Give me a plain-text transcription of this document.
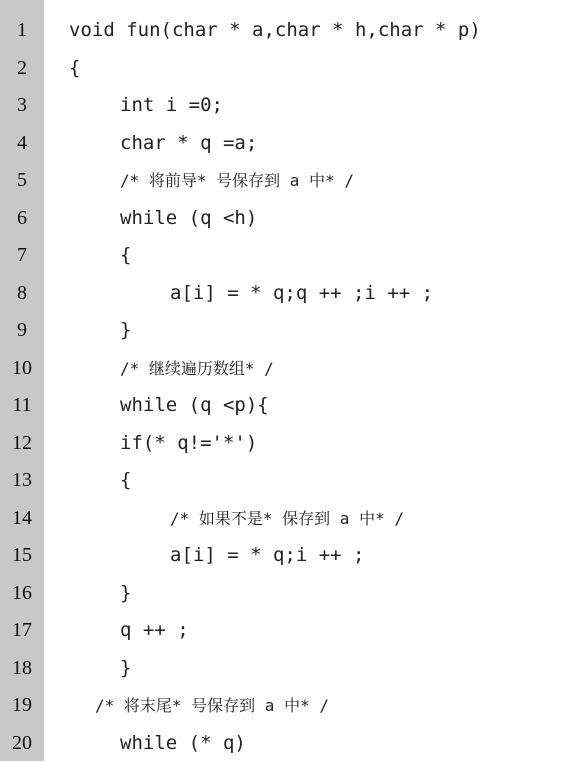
1	void fun(char * a,char * h,char * p)
2	{
3	int i =0;
4	char * q =a;
5	/* 将前导* 号保存到 a 中* /
6	while (q <h)
7	{
8	a[i] = * q;q ++ ;i ++ ;
9	}
10	/* 继续遍历数组* /
11	while (q <p){
12	if(* q!='*')
13	{
14	/* 如果不是* 保存到 a 中* /
15	a[i] = * q;i ++ ;
16	}
17	q ++ ;
18	}
19	/* 将末尾* 号保存到 a 中* /
20	while (* q)
